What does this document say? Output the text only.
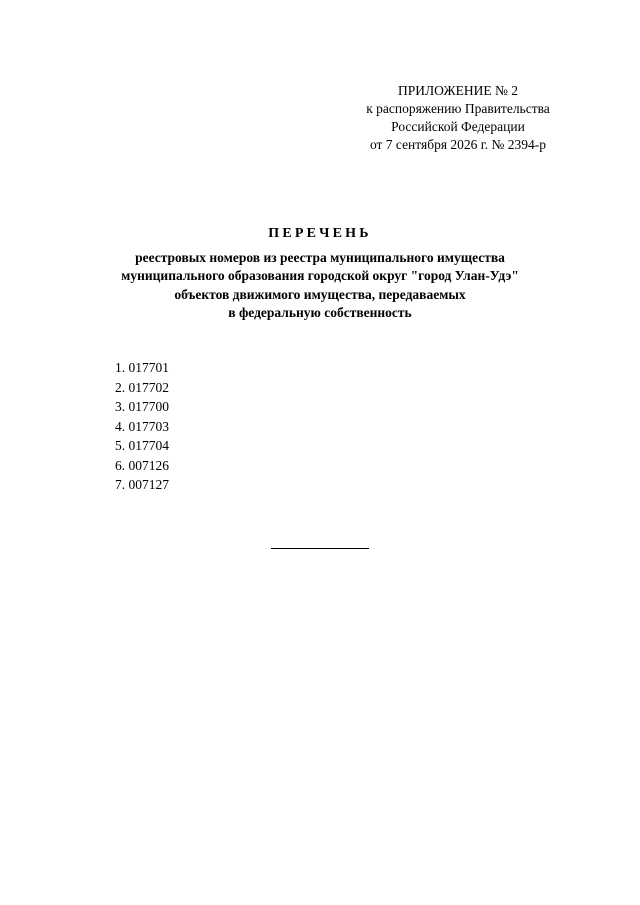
ПРИЛОЖЕНИЕ № 2
к распоряжению Правительства
Российской Федерации
от 7 сентября 2026 г. № 2394-р
ПЕРЕЧЕНЬ
реестровых номеров из реестра муниципального имущества
муниципального образования городской округ "город Улан-Удэ"
объектов движимого имущества, передаваемых
в федеральную собственность
1. 017701
2. 017702
3. 017700
4. 017703
5. 017704
6. 007126
7. 007127
